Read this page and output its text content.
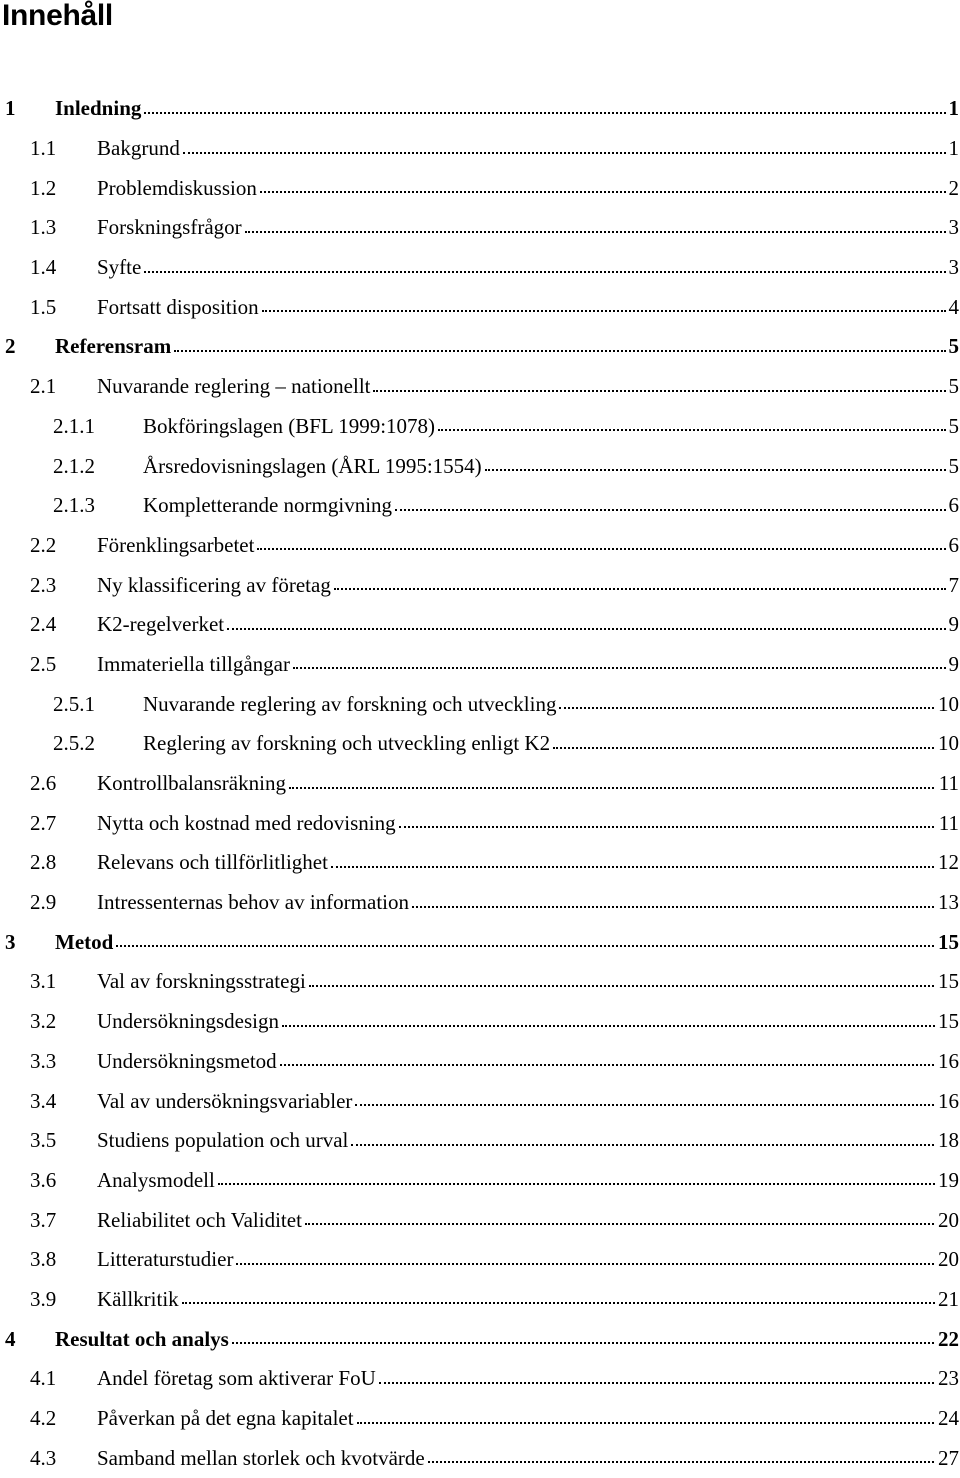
Innehåll
1 Inledning	1
1.1 Bakgrund	1
1.2 Problemdiskussion	2
1.3 Forskningsfrågor	3
1.4 Syfte	3
1.5 Fortsatt disposition	4
2 Referensram	5
2.1 Nuvarande reglering – nationellt	5
2.1.1 Bokföringslagen (BFL 1999:1078)	5
2.1.2 Årsredovisningslagen (ÅRL 1995:1554)	5
2.1.3 Kompletterande normgivning	6
2.2 Förenklingsarbetet	6
2.3 Ny klassificering av företag	7
2.4 K2-regelverket	9
2.5 Immateriella tillgångar	9
2.5.1 Nuvarande reglering av forskning och utveckling	10
2.5.2 Reglering av forskning och utveckling enligt K2	10
2.6 Kontrollbalansräkning	11
2.7 Nytta och kostnad med redovisning	11
2.8 Relevans och tillförlitlighet	12
2.9 Intressenternas behov av information	13
3 Metod	15
3.1 Val av forskningsstrategi	15
3.2 Undersökningsdesign	15
3.3 Undersökningsmetod	16
3.4 Val av undersökningsvariabler	16
3.5 Studiens population och urval	18
3.6 Analysmodell	19
3.7 Reliabilitet och Validitet	20
3.8 Litteraturstudier	20
3.9 Källkritik	21
4 Resultat och analys	22
4.1 Andel företag som aktiverar FoU	23
4.2 Påverkan på det egna kapitalet	24
4.3 Samband mellan storlek och kvotvärde	27
